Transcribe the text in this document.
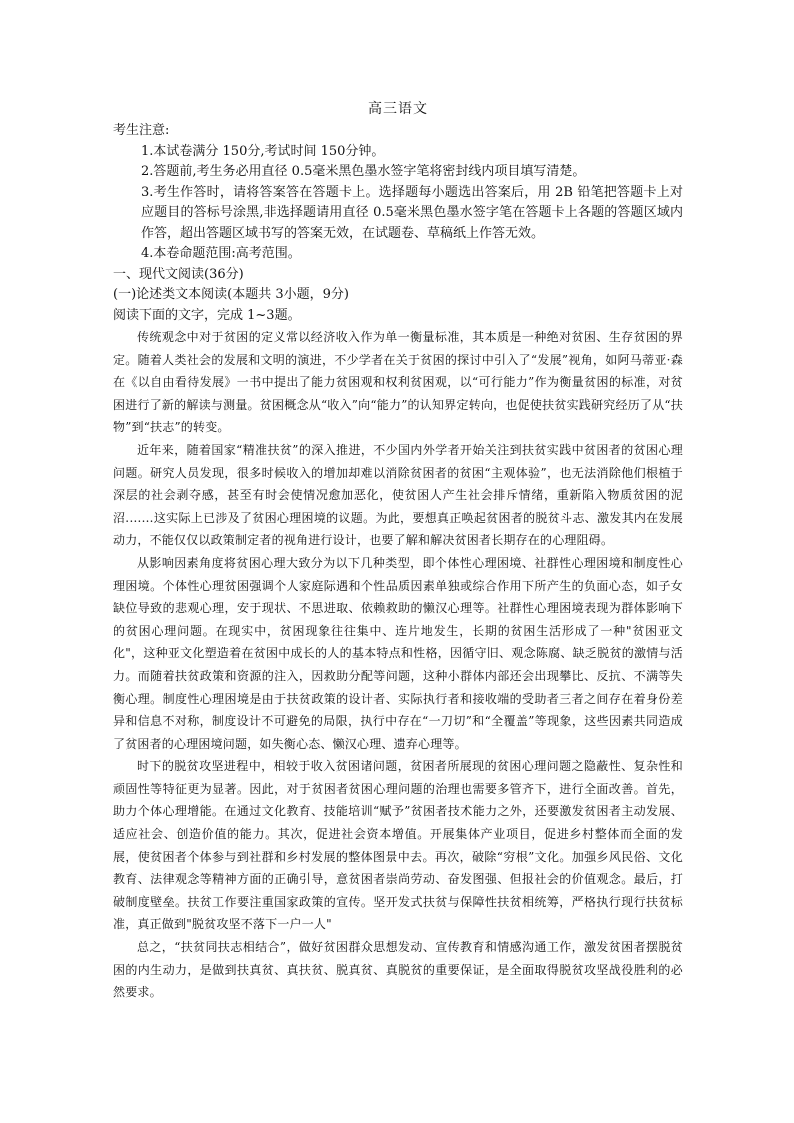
高三语文
考生注意:

1.本试卷满分 150分,考试时间 150分钟。

2.答题前,考生务必用直径 0.5毫米黑色墨水签字笔将密封线内项目填写清楚。

3.考生作答时，请将答案答在答题卡上。选择题每小题选出答案后，用 2B 铅笔把答题卡上对应题目的答标号涂黑,非选择题请用直径 0.5毫米黑色墨水签字笔在答题卡上各题的答题区域内作答，超出答题区域书写的答案无效，在试题卷、草稿纸上作答无效。

4.本卷命题范围:高考范围。

一、现代文阅读(36分)
(一)论述类文本阅读(本题共 3小题，9分)
阅读下面的文字，完成 1~3题。

传统观念中对于贫困的定义常以经济收入作为单一衡量标准，其本质是一种绝对贫困、生存贫困的界定。随着人类社会的发展和文明的演进，不少学者在关于贫困的探讨中引入了“发展”视角，如阿马蒂亚·森在《以自由看待发展》一书中提出了能力贫困观和权利贫困观，以“可行能力”作为衡量贫困的标准，对贫困进行了新的解读与测量。贫困概念从“收入”向“能力”的认知界定转向，也促使扶贫实践研究经历了从“扶物”到“扶志”的转变。

近年来，随着国家“精准扶贫”的深入推进，不少国内外学者开始关注到扶贫实践中贫困者的贫困心理问题。研究人员发现，很多时候收入的增加却难以消除贫困者的贫困“主观体验”，也无法消除他们根植于深层的社会剥夺感，甚至有时会使情况愈加恶化，使贫困人产生社会排斥情绪，重新陷入物质贫困的泥沼.……这实际上已涉及了贫困心理困境的议题。为此，要想真正唤起贫困者的脱贫斗志、激发其内在发展动力，不能仅仅以政策制定者的视角进行设计，也要了解和解决贫困者长期存在的心理阻碍。

从影响因素角度将贫困心理大致分为以下几种类型，即个体性心理困境、社群性心理困境和制度性心理困境。个体性心理贫困强调个人家庭际遇和个性品质因素单独或综合作用下所产生的负面心态，如子女缺位导致的悲观心理，安于现状、不思进取、依赖救助的懒汉心理等。社群性心理困境表现为群体影响下的贫困心理问题。在现实中，贫困现象往往集中、连片地发生，长期的贫困生活形成了一种"贫困亚文化"，这种亚文化塑造着在贫困中成长的人的基本特点和性格，因循守旧、观念陈腐、缺乏脱贫的激情与活力。而随着扶贫政策和资源的注入，因救助分配等问题，这种小群体内部还会出现攀比、反抗、不满等失衡心理。制度性心理困境是由于扶贫政策的设计者、实际执行者和接收端的受助者三者之间存在着身份差异和信息不对称，制度设计不可避免的局限，执行中存在“一刀切”和“全覆盖”等现象，这些因素共同造成了贫困者的心理困境问题，如失衡心态、懒汉心理、遗弃心理等。

时下的脱贫攻坚进程中，相较于收入贫困诸问题，贫困者所展现的贫困心理问题之隐蔽性、复杂性和顽固性等特征更为显著。因此，对于贫困者贫困心理问题的治理也需要多管齐下，进行全面改善。首先，助力个体心理增能。在通过文化教育、技能培训“赋予”贫困者技术能力之外，还要激发贫困者主动发展、适应社会、创造价值的能力。其次，促进社会资本增值。开展集体产业项目，促进乡村整体而全面的发展，使贫困者个体参与到社群和乡村发展的整体图景中去。再次，破除“穷根”文化。加强乡风民俗、文化教育、法律观念等精神方面的正确引导，意贫困者崇尚劳动、奋发图强、但报社会的价值观念。最后，打破制度壁垒。扶贫工作要注重国家政策的宣传。坚开发式扶贫与保障性扶贫相统筹，严格执行现行扶贫标准，真正做到"脱贫攻坚不落下一户一人"

总之，“扶贫同扶志相结合”，做好贫困群众思想发动、宣传教育和情感沟通工作，激发贫困者摆脱贫困的内生动力，是做到扶真贫、真扶贫、脱真贫、真脱贫的重要保证，是全面取得脱贫攻坚战役胜利的必然要求。
